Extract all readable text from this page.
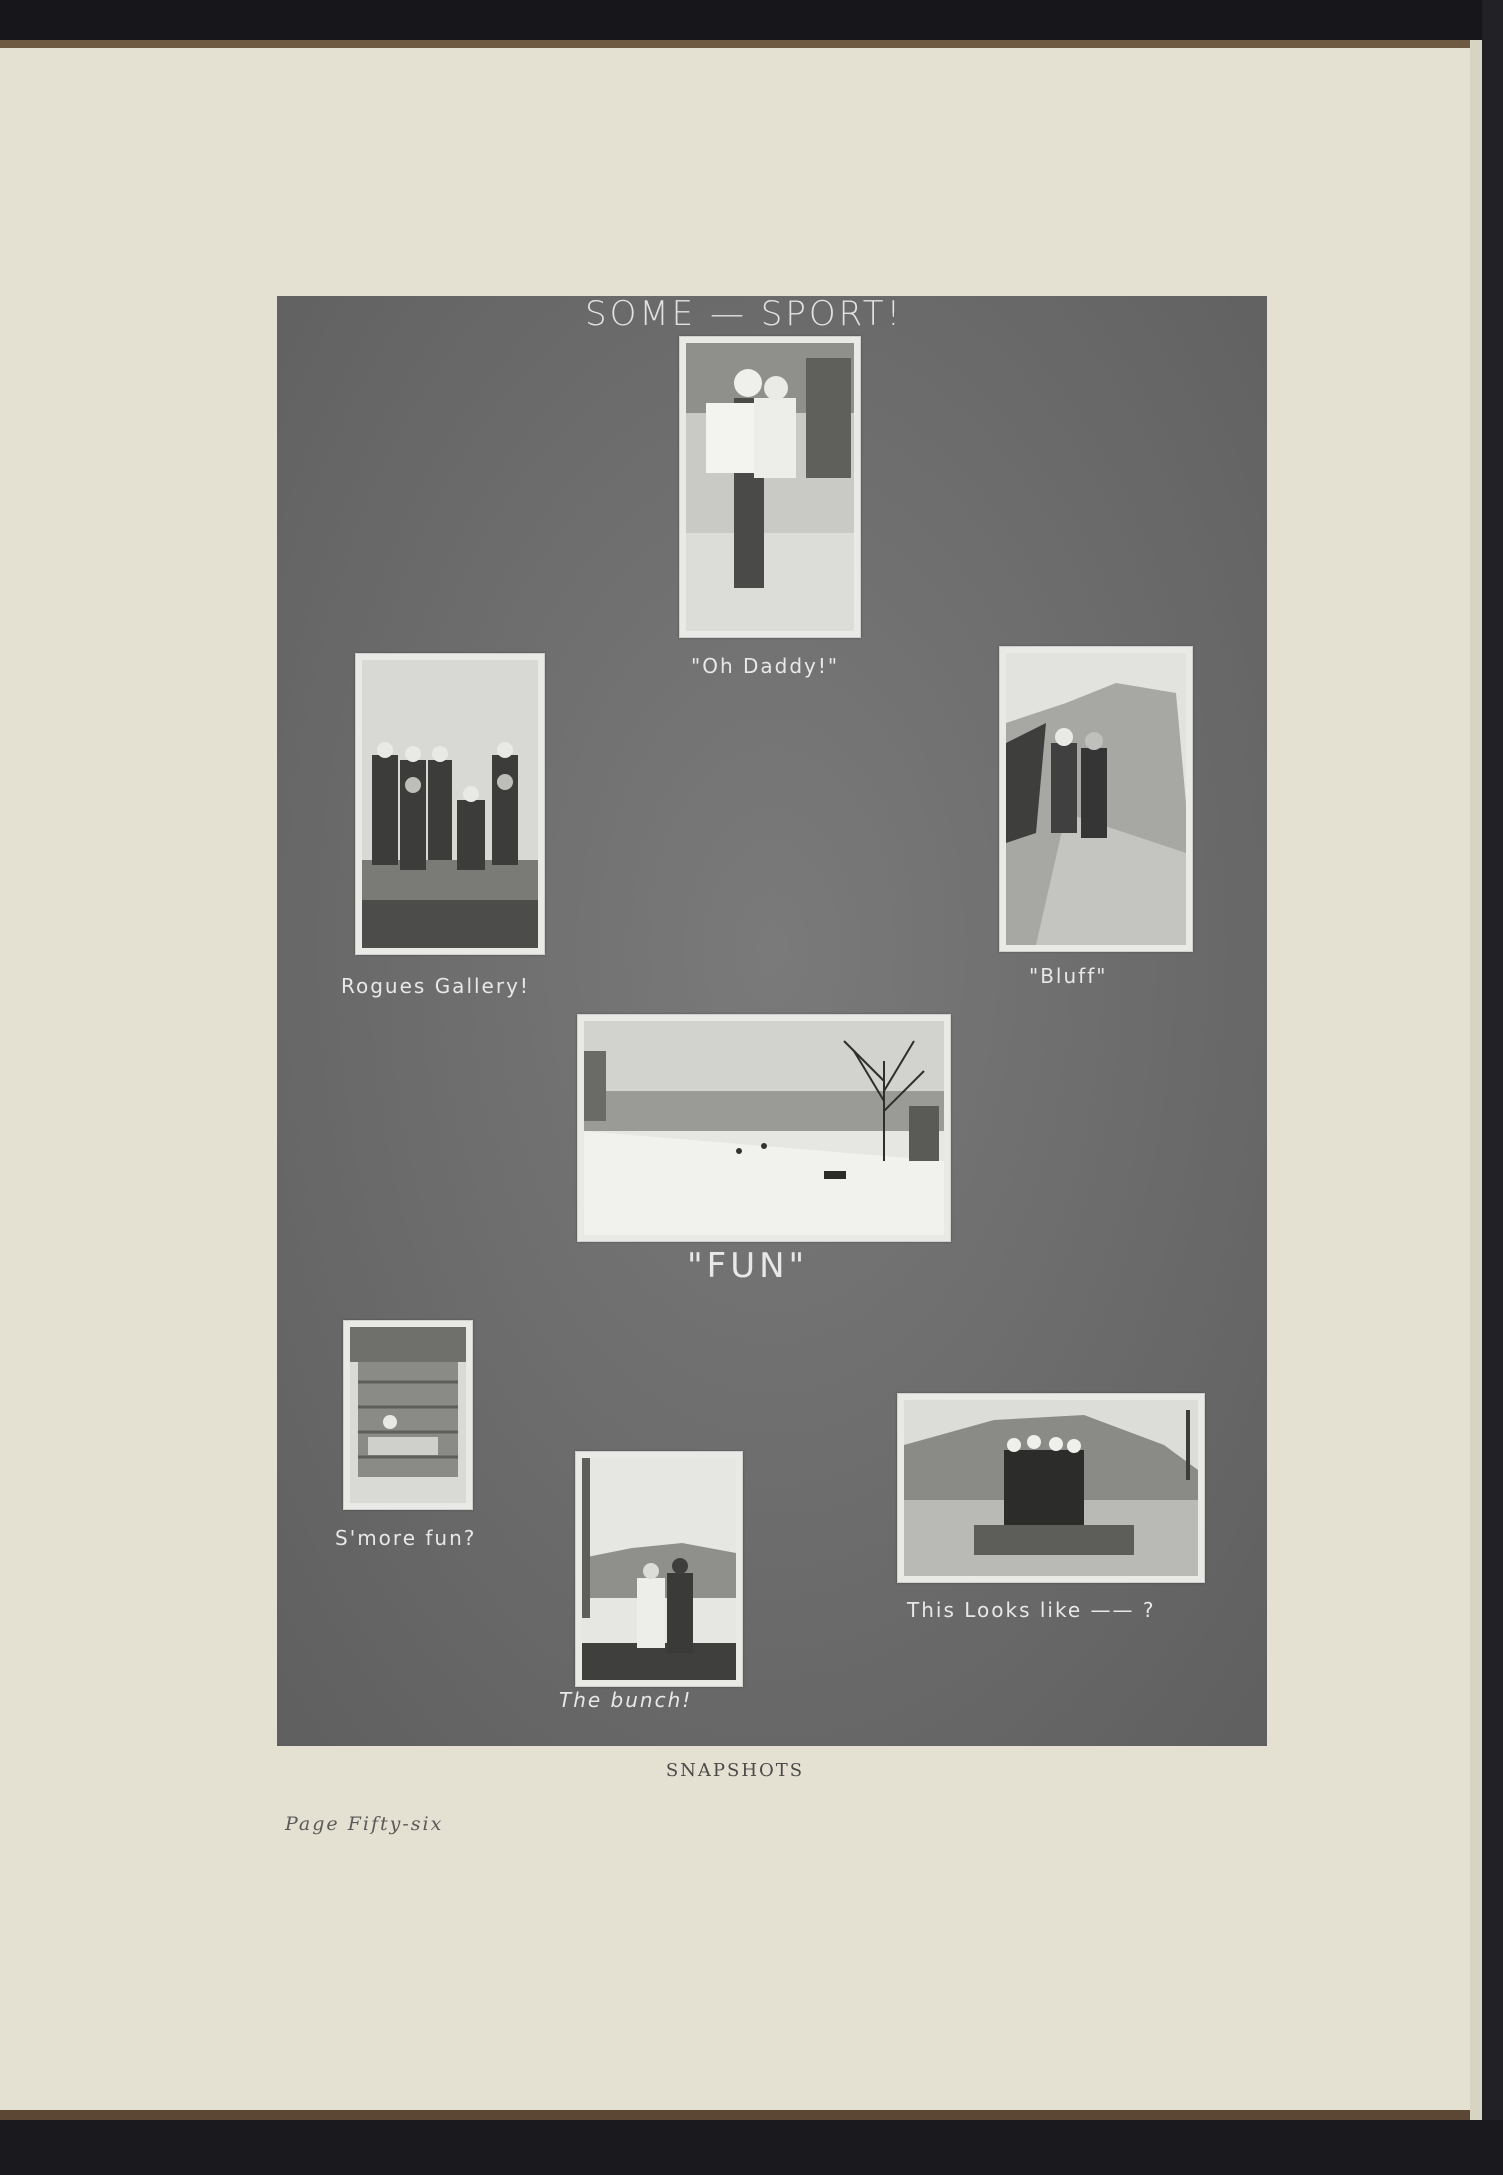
SOME — SPORT!
"Oh Daddy!"
Rogues Gallery!	"Bluff"
"FUN"
S'more fun?
The bunch!
This Looks like —— ?
SNAPSHOTS
Page Fifty-six
